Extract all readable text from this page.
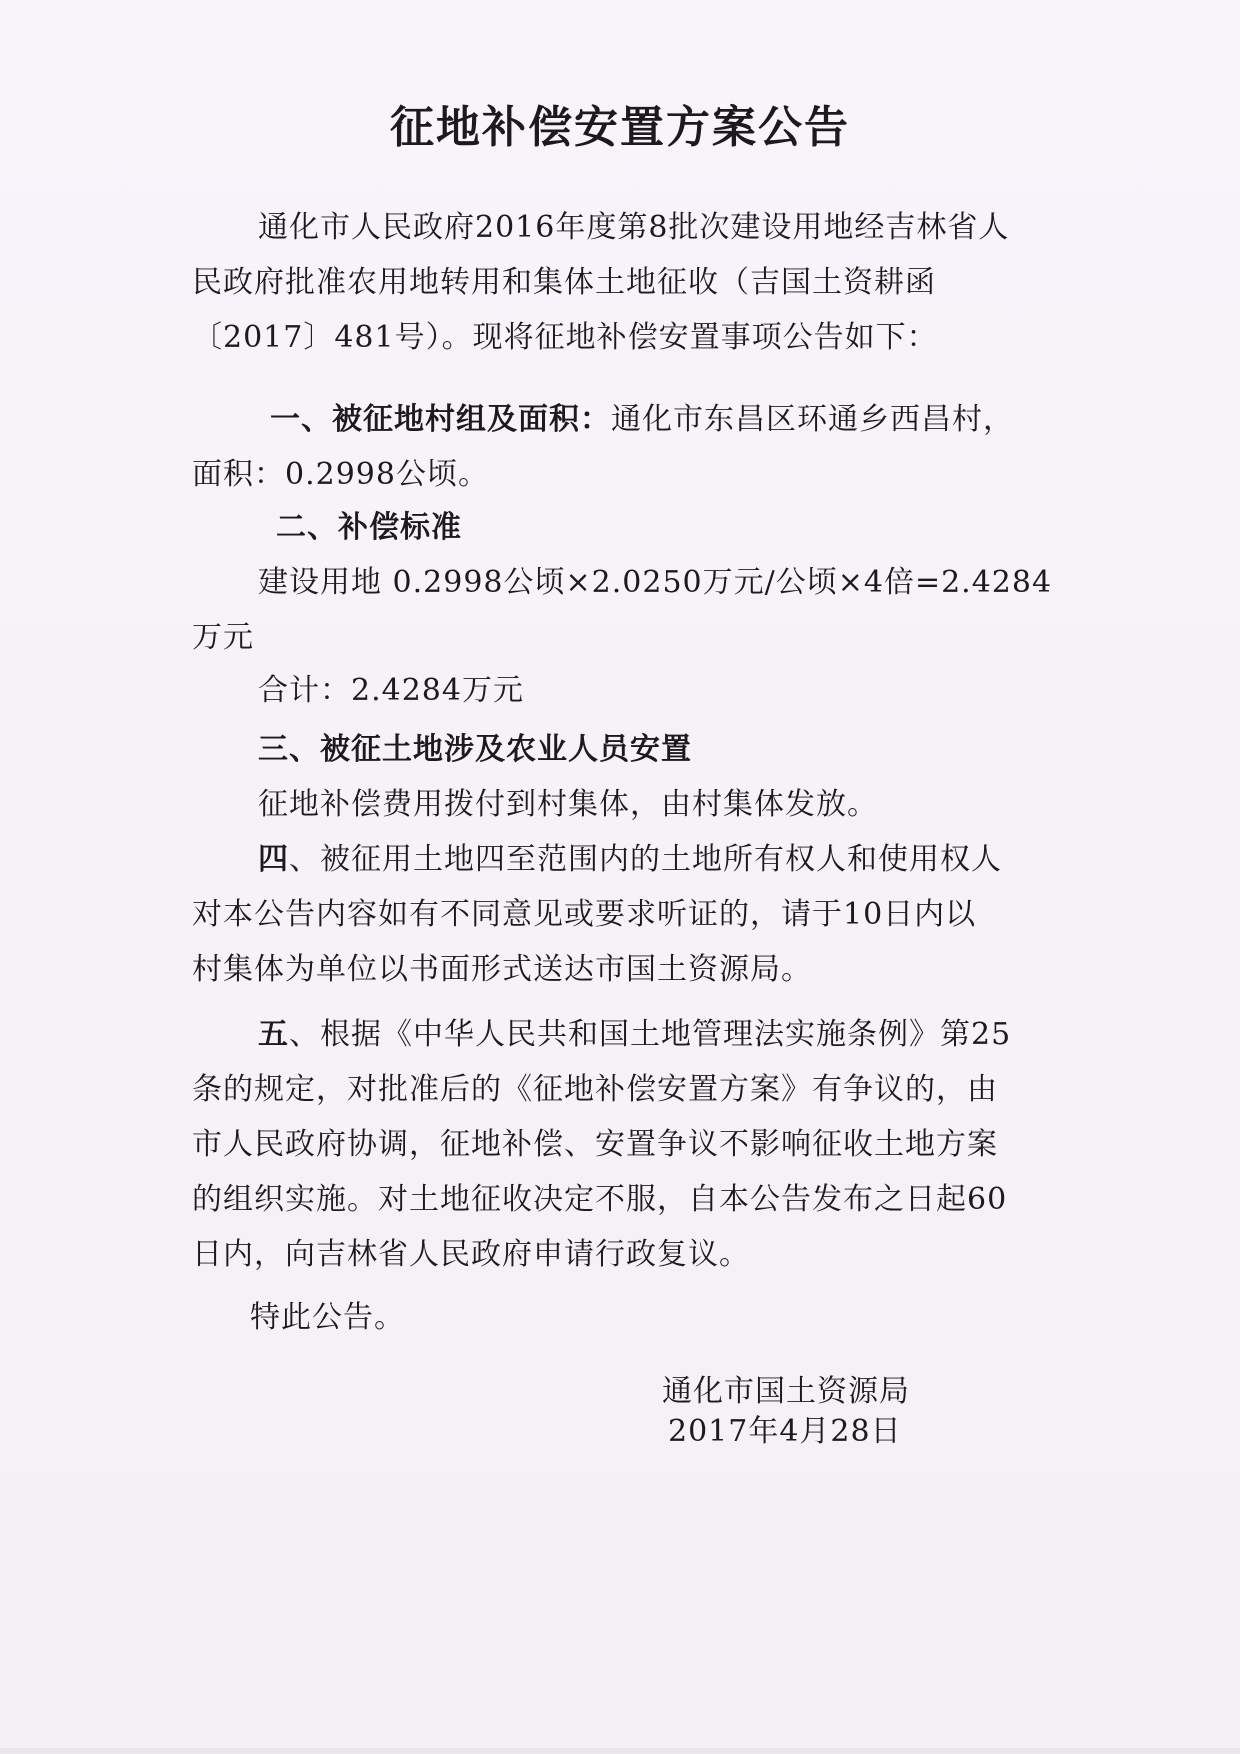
征地补偿安置方案公告
通化市人民政府2016年度第8批次建设用地经吉林省人
民政府批准农用地转用和集体土地征收（吉国土资耕函
〔2017〕481号）。现将征地补偿安置事项公告如下：
一、被征地村组及面积：通化市东昌区环通乡西昌村，
面积：0.2998公顷。
二、补偿标准
建设用地 0.2998公顷×2.0250万元/公顷×4倍=2.4284
万元
合计：2.4284万元
三、被征土地涉及农业人员安置
征地补偿费用拨付到村集体，由村集体发放。
四、被征用土地四至范围内的土地所有权人和使用权人
对本公告内容如有不同意见或要求听证的，请于10日内以
村集体为单位以书面形式送达市国土资源局。
五、根据《中华人民共和国土地管理法实施条例》第25
条的规定，对批准后的《征地补偿安置方案》有争议的，由
市人民政府协调，征地补偿、安置争议不影响征收土地方案
的组织实施。对土地征收决定不服，自本公告发布之日起60
日内，向吉林省人民政府申请行政复议。
特此公告。
通化市国土资源局
2017年4月28日
